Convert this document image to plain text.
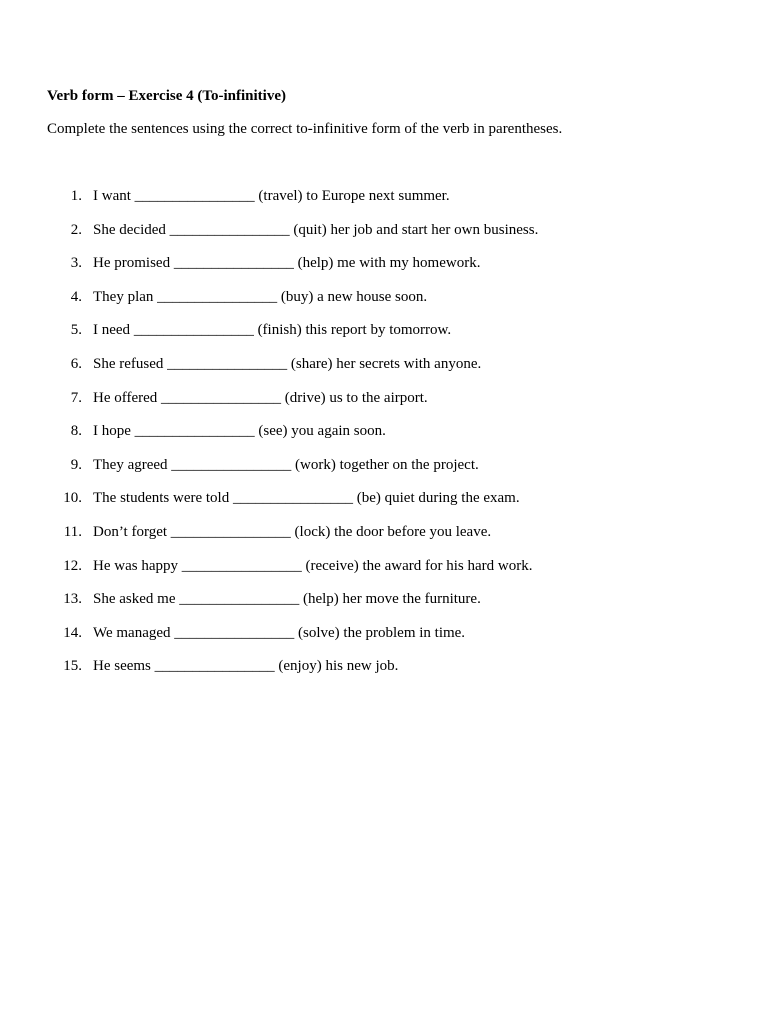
Verb form – Exercise 4 (To-infinitive)
Complete the sentences using the correct to-infinitive form of the verb in parentheses.
1. I want ________________ (travel) to Europe next summer.
2. She decided ________________ (quit) her job and start her own business.
3. He promised ________________ (help) me with my homework.
4. They plan ________________ (buy) a new house soon.
5. I need ________________ (finish) this report by tomorrow.
6. She refused ________________ (share) her secrets with anyone.
7. He offered ________________ (drive) us to the airport.
8. I hope ________________ (see) you again soon.
9. They agreed ________________ (work) together on the project.
10. The students were told ________________ (be) quiet during the exam.
11. Don’t forget ________________ (lock) the door before you leave.
12. He was happy ________________ (receive) the award for his hard work.
13. She asked me ________________ (help) her move the furniture.
14. We managed ________________ (solve) the problem in time.
15. He seems ________________ (enjoy) his new job.
